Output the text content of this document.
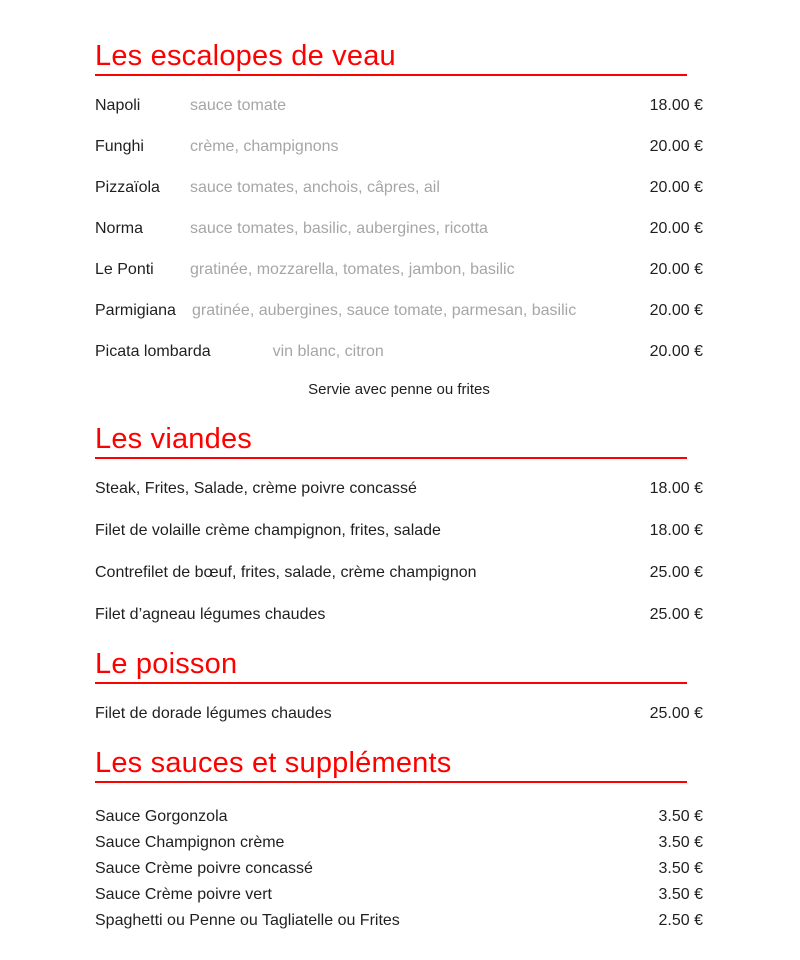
Les escalopes de veau
Napoli	sauce tomate	18.00 €
Funghi	crème, champignons	20.00 €
Pizzaïola	sauce tomates, anchois, câpres, ail	20.00 €
Norma	sauce tomates, basilic, aubergines, ricotta	20.00 €
Le Ponti	gratinée, mozzarella, tomates, jambon, basilic	20.00 €
Parmigiana	gratinée, aubergines, sauce tomate, parmesan, basilic	20.00 €
Picata lombarda	vin blanc, citron	20.00 €

Servie avec penne ou frites

Les viandes
Steak, Frites, Salade, crème poivre concassé	18.00 €
Filet de volaille crème champignon, frites, salade	18.00 €
Contrefilet de bœuf, frites, salade, crème champignon	25.00 €
Filet d’agneau légumes chaudes	25.00 €
Le poisson
Filet de dorade légumes chaudes	25.00 €
Les sauces et suppléments
Sauce Gorgonzola	3.50 €
Sauce Champignon crème	3.50 €
Sauce Crème poivre concassé	3.50 €
Sauce Crème poivre vert	3.50 €
Spaghetti ou Penne ou Tagliatelle ou Frites	2.50 €
